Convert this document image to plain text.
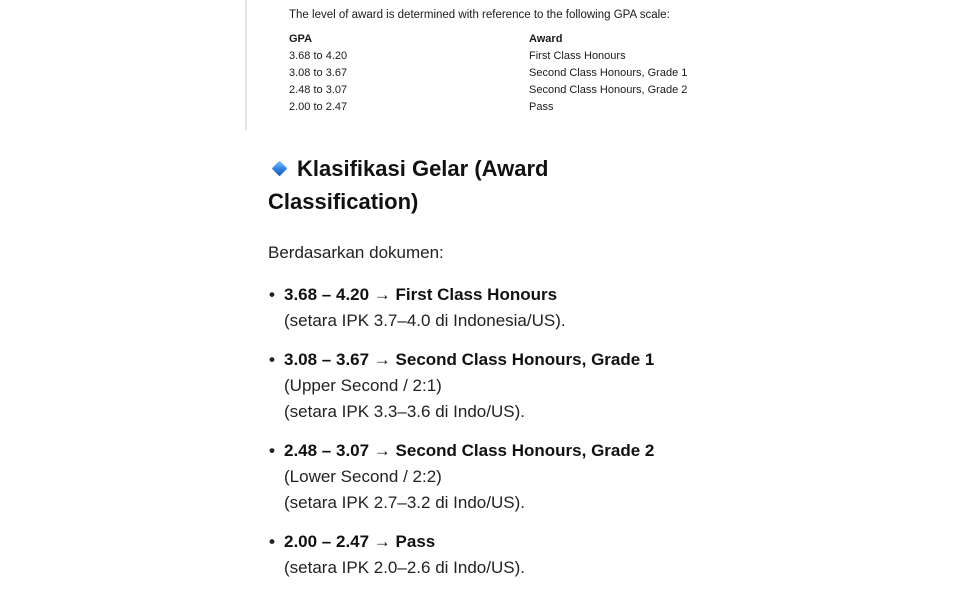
The level of award is determined with reference to the following GPA scale:
GPA	Award
3.68 to 4.20	First Class Honours
3.08 to 3.67	Second Class Honours, Grade 1
2.48 to 3.07	Second Class Honours, Grade 2
2.00 to 2.47	Pass
Klasifikasi Gelar (Award Classification)

Berdasarkan dokumen:

• 3.68 – 4.20 → First Class Honours
(setara IPK 3.7–4.0 di Indonesia/US).
• 3.08 – 3.67 → Second Class Honours, Grade 1
(Upper Second / 2:1)
(setara IPK 3.3–3.6 di Indo/US).
• 2.48 – 3.07 → Second Class Honours, Grade 2
(Lower Second / 2:2)
(setara IPK 2.7–3.2 di Indo/US).
• 2.00 – 2.47 → Pass
(setara IPK 2.0–2.6 di Indo/US).
